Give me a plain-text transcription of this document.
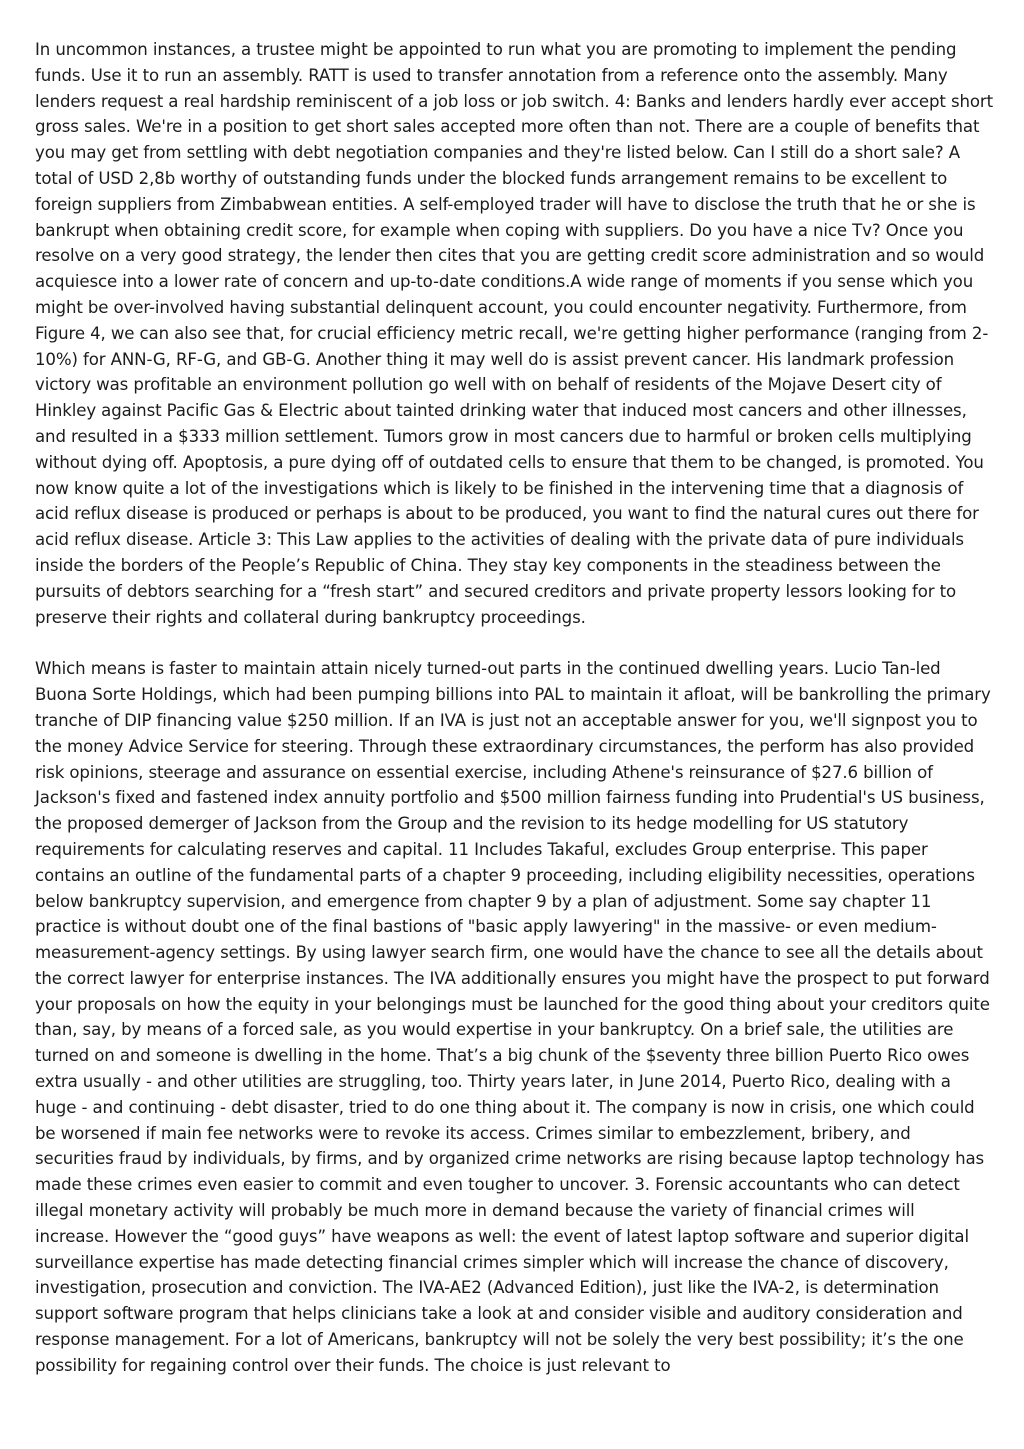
In uncommon instances, a trustee might be appointed to run what you are promoting to implement the pending funds. Use it to run an assembly. RATT is used to transfer annotation from a reference onto the assembly. Many lenders request a real hardship reminiscent of a job loss or job switch. 4: Banks and lenders hardly ever accept short gross sales. We're in a position to get short sales accepted more often than not. There are a couple of benefits that you may get from settling with debt negotiation companies and they're listed below. Can I still do a short sale? A total of USD 2,8b worthy of outstanding funds under the blocked funds arrangement remains to be excellent to foreign suppliers from Zimbabwean entities. A self-employed trader will have to disclose the truth that he or she is bankrupt when obtaining credit score, for example when coping with suppliers. Do you have a nice Tv? Once you resolve on a very good strategy, the lender then cites that you are getting credit score administration and so would acquiesce into a lower rate of concern and up-to-date conditions.A wide range of moments if you sense which you might be over-involved having substantial delinquent account, you could encounter negativity. Furthermore, from Figure 4, we can also see that, for crucial efficiency metric recall, we're getting higher performance (ranging from 2-10%) for ANN-G, RF-G, and GB-G. Another thing it may well do is assist prevent cancer. His landmark profession victory was profitable an environment pollution go well with on behalf of residents of the Mojave Desert city of Hinkley against Pacific Gas & Electric about tainted drinking water that induced most cancers and other illnesses, and resulted in a $333 million settlement. Tumors grow in most cancers due to harmful or broken cells multiplying without dying off. Apoptosis, a pure dying off of outdated cells to ensure that them to be changed, is promoted. You now know quite a lot of the investigations which is likely to be finished in the intervening time that a diagnosis of acid reflux disease is produced or perhaps is about to be produced, you want to find the natural cures out there for acid reflux disease. Article 3: This Law applies to the activities of dealing with the private data of pure individuals inside the borders of the People’s Republic of China. They stay key components in the steadiness between the pursuits of debtors searching for a “fresh start” and secured creditors and private property lessors looking for to preserve their rights and collateral during bankruptcy proceedings.

Which means is faster to maintain attain nicely turned-out parts in the continued dwelling years. Lucio Tan-led Buona Sorte Holdings, which had been pumping billions into PAL to maintain it afloat, will be bankrolling the primary tranche of DIP financing value $250 million. If an IVA is just not an acceptable answer for you, we'll signpost you to the money Advice Service for steering. Through these extraordinary circumstances, the perform has also provided risk opinions, steerage and assurance on essential exercise, including Athene's reinsurance of $27.6 billion of Jackson's fixed and fastened index annuity portfolio and $500 million fairness funding into Prudential's US business, the proposed demerger of Jackson from the Group and the revision to its hedge modelling for US statutory requirements for calculating reserves and capital. 11 Includes Takaful, excludes Group enterprise. This paper contains an outline of the fundamental parts of a chapter 9 proceeding, including eligibility necessities, operations below bankruptcy supervision, and emergence from chapter 9 by a plan of adjustment. Some say chapter 11 practice is without doubt one of the final bastions of "basic apply lawyering" in the massive- or even medium-measurement-agency settings. By using lawyer search firm, one would have the chance to see all the details about the correct lawyer for enterprise instances. The IVA additionally ensures you might have the prospect to put forward your proposals on how the equity in your belongings must be launched for the good thing about your creditors quite than, say, by means of a forced sale, as you would expertise in your bankruptcy. On a brief sale, the utilities are turned on and someone is dwelling in the home. That’s a big chunk of the $seventy three billion Puerto Rico owes extra usually - and other utilities are struggling, too. Thirty years later, in June 2014, Puerto Rico, dealing with a huge - and continuing - debt disaster, tried to do one thing about it. The company is now in crisis, one which could be worsened if main fee networks were to revoke its access. Crimes similar to embezzlement, bribery, and securities fraud by individuals, by firms, and by organized crime networks are rising because laptop technology has made these crimes even easier to commit and even tougher to uncover. 3. Forensic accountants who can detect illegal monetary activity will probably be much more in demand because the variety of financial crimes will increase. However the “good guys” have weapons as well: the event of latest laptop software and superior digital surveillance expertise has made detecting financial crimes simpler which will increase the chance of discovery, investigation, prosecution and conviction. The IVA-AE2 (Advanced Edition), just like the IVA-2, is determination support software program that helps clinicians take a look at and consider visible and auditory consideration and response management. For a lot of Americans, bankruptcy will not be solely the very best possibility; it’s the one possibility for regaining control over their funds. The choice is just relevant to
